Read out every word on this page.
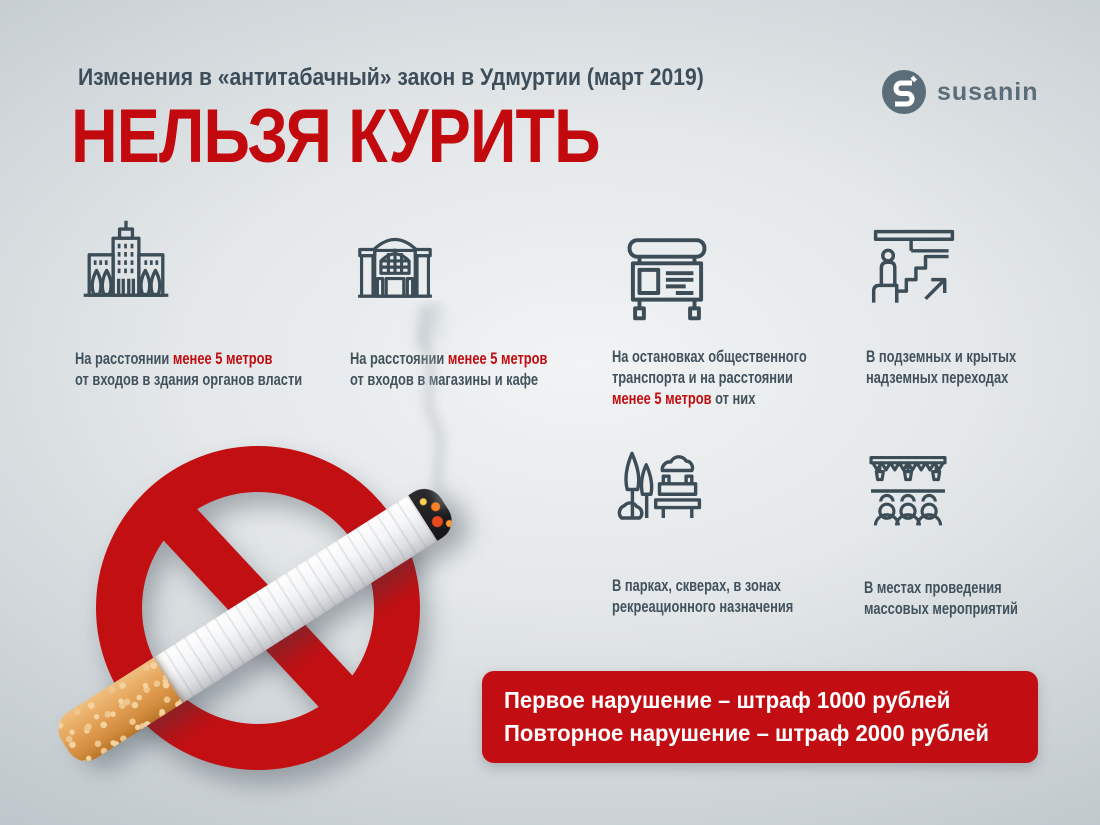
Изменения в «антитабачный» закон в Удмуртии (март 2019)
НЕЛЬЗЯ КУРИТЬ
susanin
На расстоянии менее 5 метров
от входов в здания органов власти
На расстоянии менее 5 метров
от входов в магазины и кафе
На остановках общественного
транспорта и на расстоянии
менее 5 метров от них
В подземных и крытых
надземных переходах
В парках, скверах, в зонах
рекреационного назначения
В местах проведения
массовых мероприятий
Первое нарушение – штраф 1000 рублей
Повторное нарушение – штраф 2000 рублей
